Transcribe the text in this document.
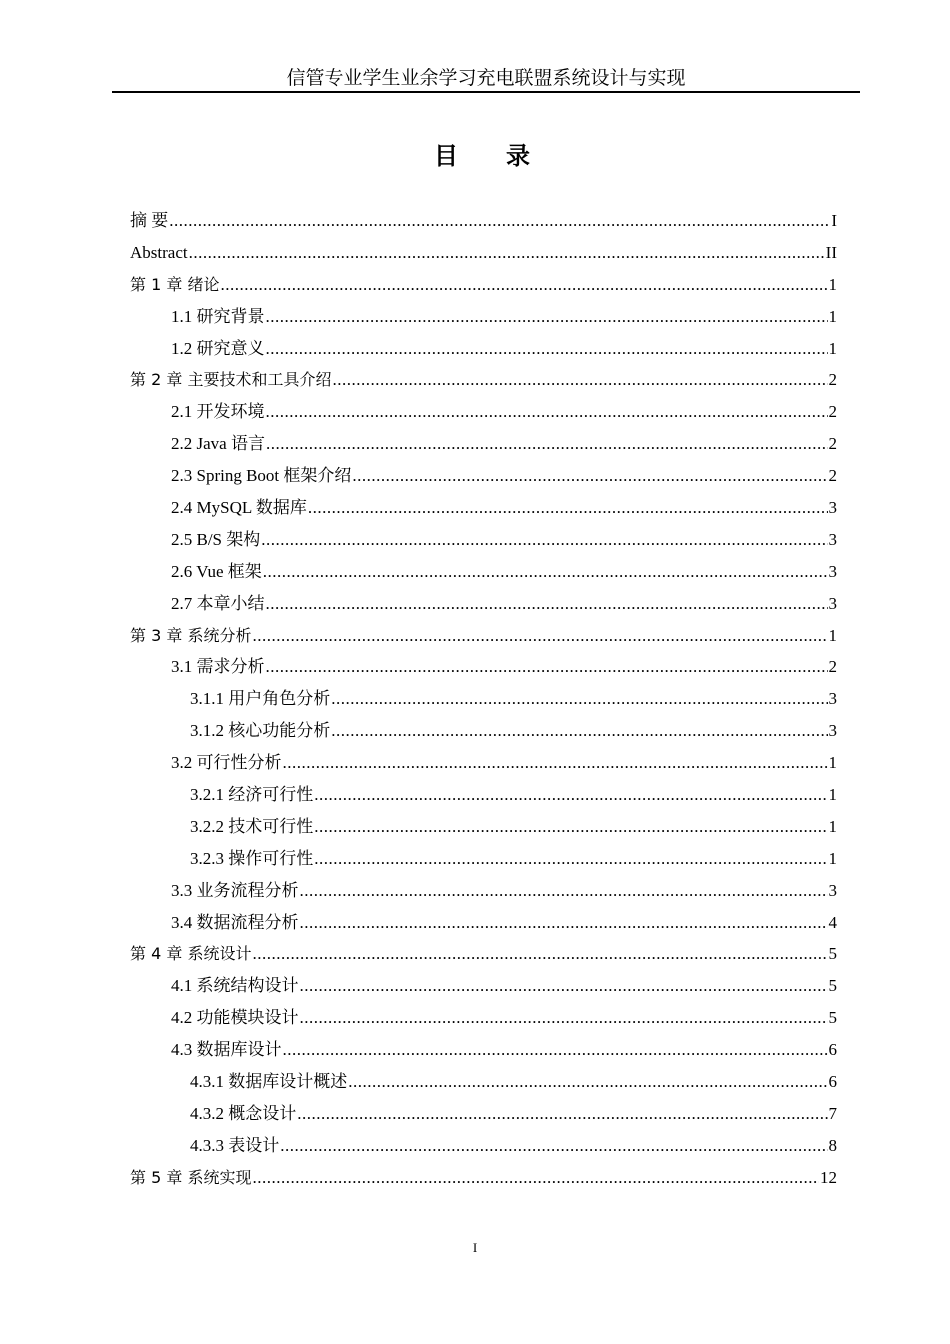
信管专业学生业余学习充电联盟系统设计与实现
目录
摘 要 .....	I
Abstract .....	II
第 1 章 绪论 .....	1
1.1 研究背景 .....	1
1.2 研究意义 .....	1
第 2 章 主要技术和工具介绍 .....	2
2.1 开发环境 .....	2
2.2 Java 语言 .....	2
2.3 Spring Boot 框架介绍 .....	2
2.4 MySQL 数据库 .....	3
2.5 B/S 架构 .....	3
2.6 Vue 框架 .....	3
2.7 本章小结 .....	3
第 3 章 系统分析 .....	1
3.1 需求分析 .....	2
3.1.1 用户角色分析 .....	3
3.1.2 核心功能分析 .....	3
3.2 可行性分析 .....	1
3.2.1 经济可行性 .....	1
3.2.2 技术可行性 .....	1
3.2.3 操作可行性 .....	1
3.3 业务流程分析 .....	3
3.4 数据流程分析 .....	4
第 4 章 系统设计 .....	5
4.1 系统结构设计 .....	5
4.2 功能模块设计 .....	5
4.3 数据库设计 .....	6
4.3.1 数据库设计概述 .....	6
4.3.2 概念设计 .....	7
4.3.3 表设计 .....	8
第 5 章 系统实现 .....	12
I
